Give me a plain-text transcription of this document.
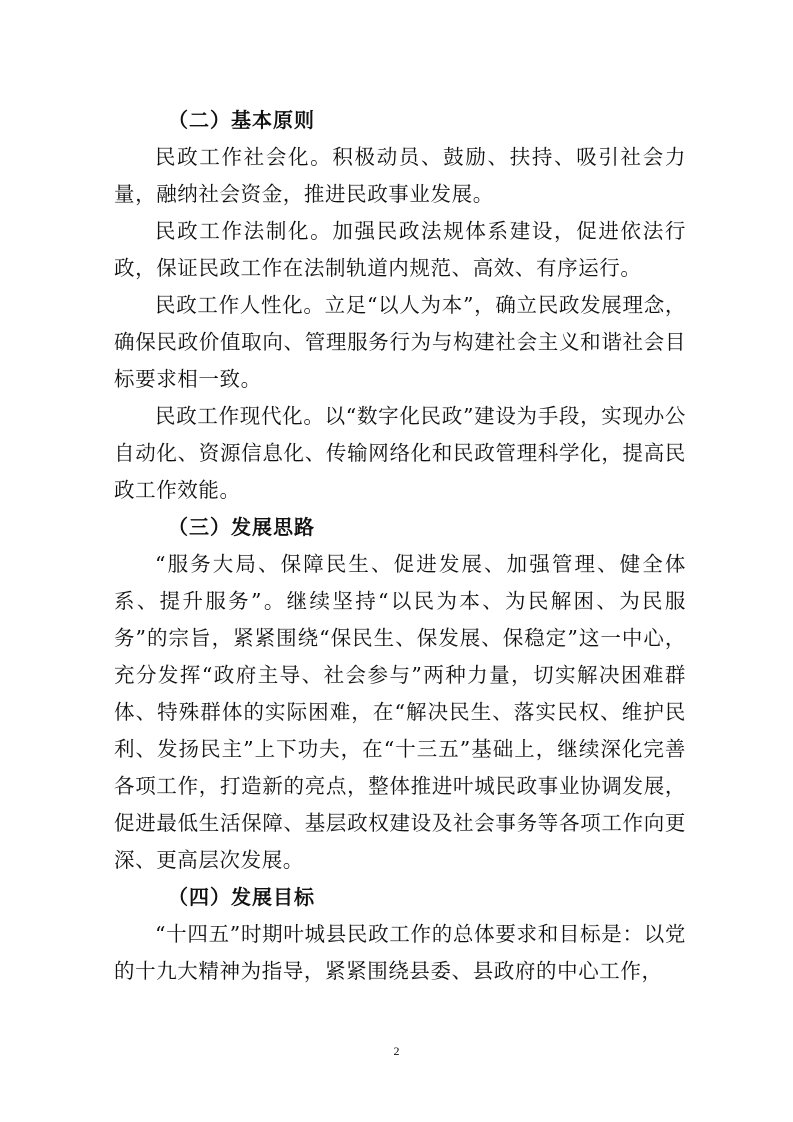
（二）基本原则

民政工作社会化。积极动员、鼓励、扶持、吸引社会力量，融纳社会资金，推进民政事业发展。

民政工作法制化。加强民政法规体系建设，促进依法行政，保证民政工作在法制轨道内规范、高效、有序运行。

民政工作人性化。立足“以人为本”，确立民政发展理念，确保民政价值取向、管理服务行为与构建社会主义和谐社会目标要求相一致。

民政工作现代化。以“数字化民政”建设为手段，实现办公自动化、资源信息化、传输网络化和民政管理科学化，提高民政工作效能。

（三）发展思路

“服务大局、保障民生、促进发展、加强管理、健全体系、提升服务”。继续坚持“以民为本、为民解困、为民服务”的宗旨，紧紧围绕“保民生、保发展、保稳定”这一中心，充分发挥“政府主导、社会参与”两种力量，切实解决困难群体、特殊群体的实际困难，在“解决民生、落实民权、维护民利、发扬民主”上下功夫，在“十三五”基础上，继续深化完善各项工作，打造新的亮点，整体推进叶城民政事业协调发展，促进最低生活保障、基层政权建设及社会事务等各项工作向更深、更高层次发展。

（四）发展目标

“十四五”时期叶城县民政工作的总体要求和目标是：以党的十九大精神为指导，紧紧围绕县委、县政府的中心工作，

2
